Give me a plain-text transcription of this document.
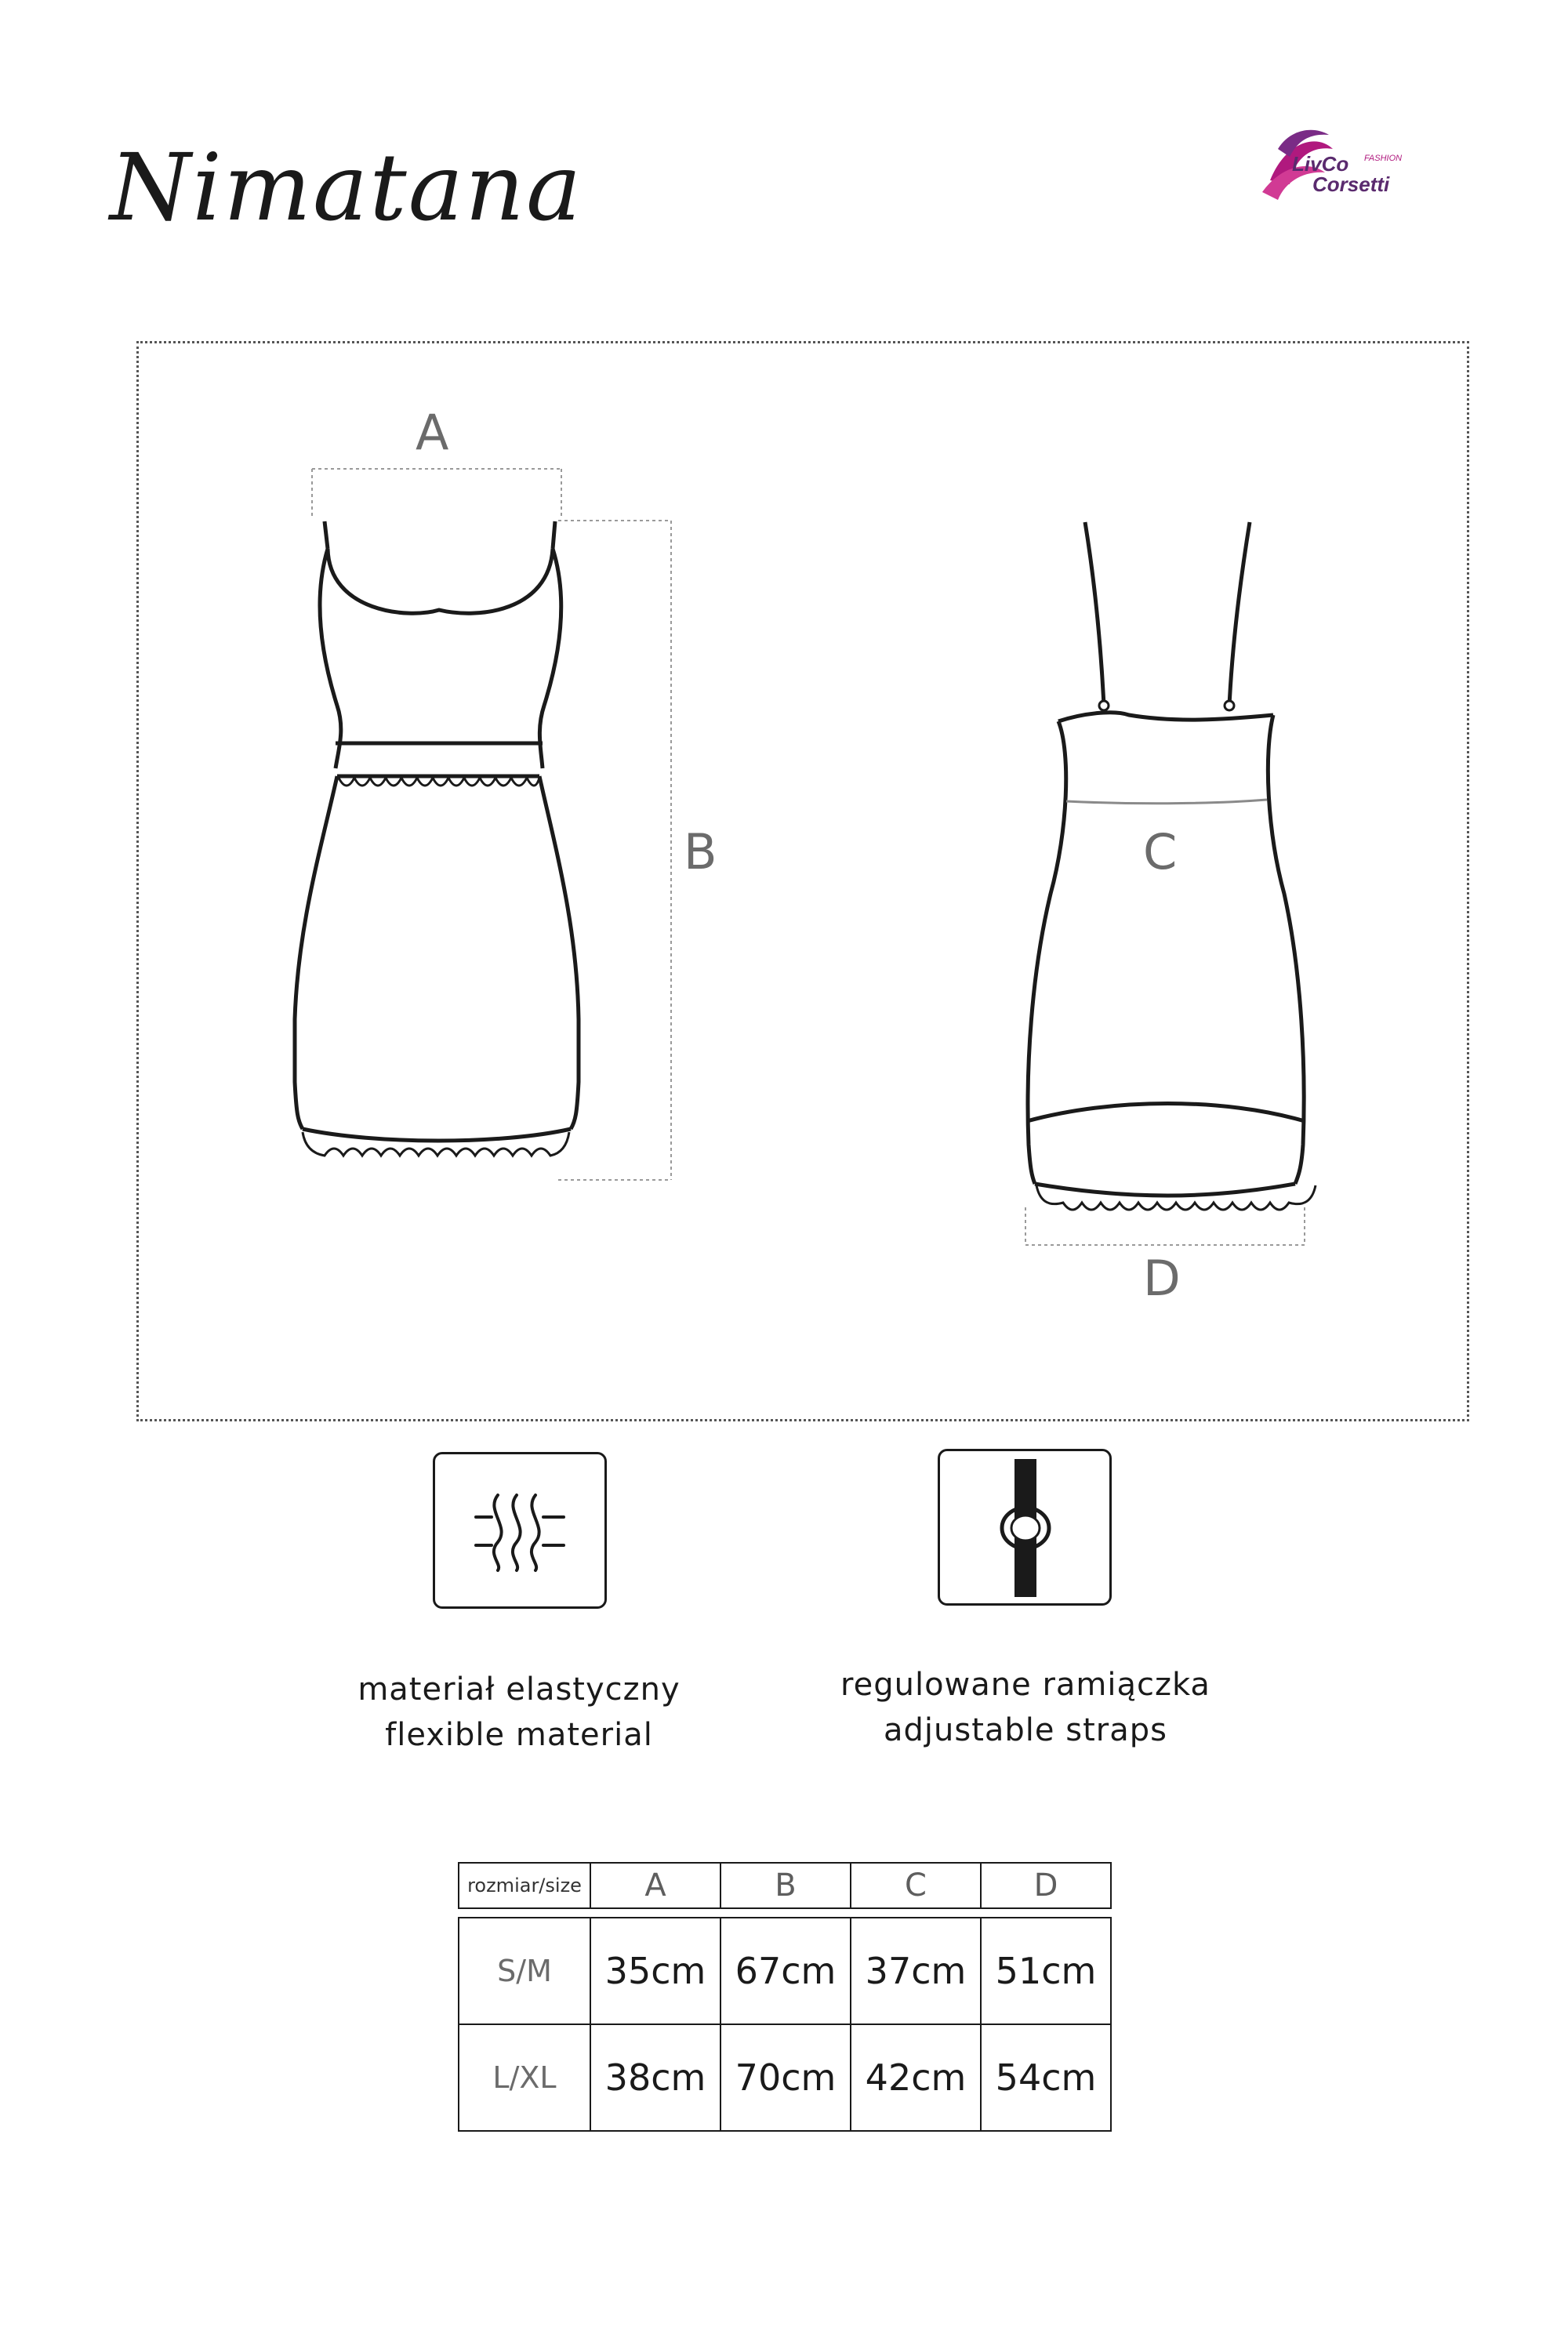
Nimatana	LivCo FASHION
Corsetti
A
B	C
D
materiał elastyczny
flexible material
regulowane ramiączka
adjustable straps
rozmiar/size	A	B	C	D

S/M	35cm	67cm	37cm	51cm
L/XL	38cm	70cm	42cm	54cm
